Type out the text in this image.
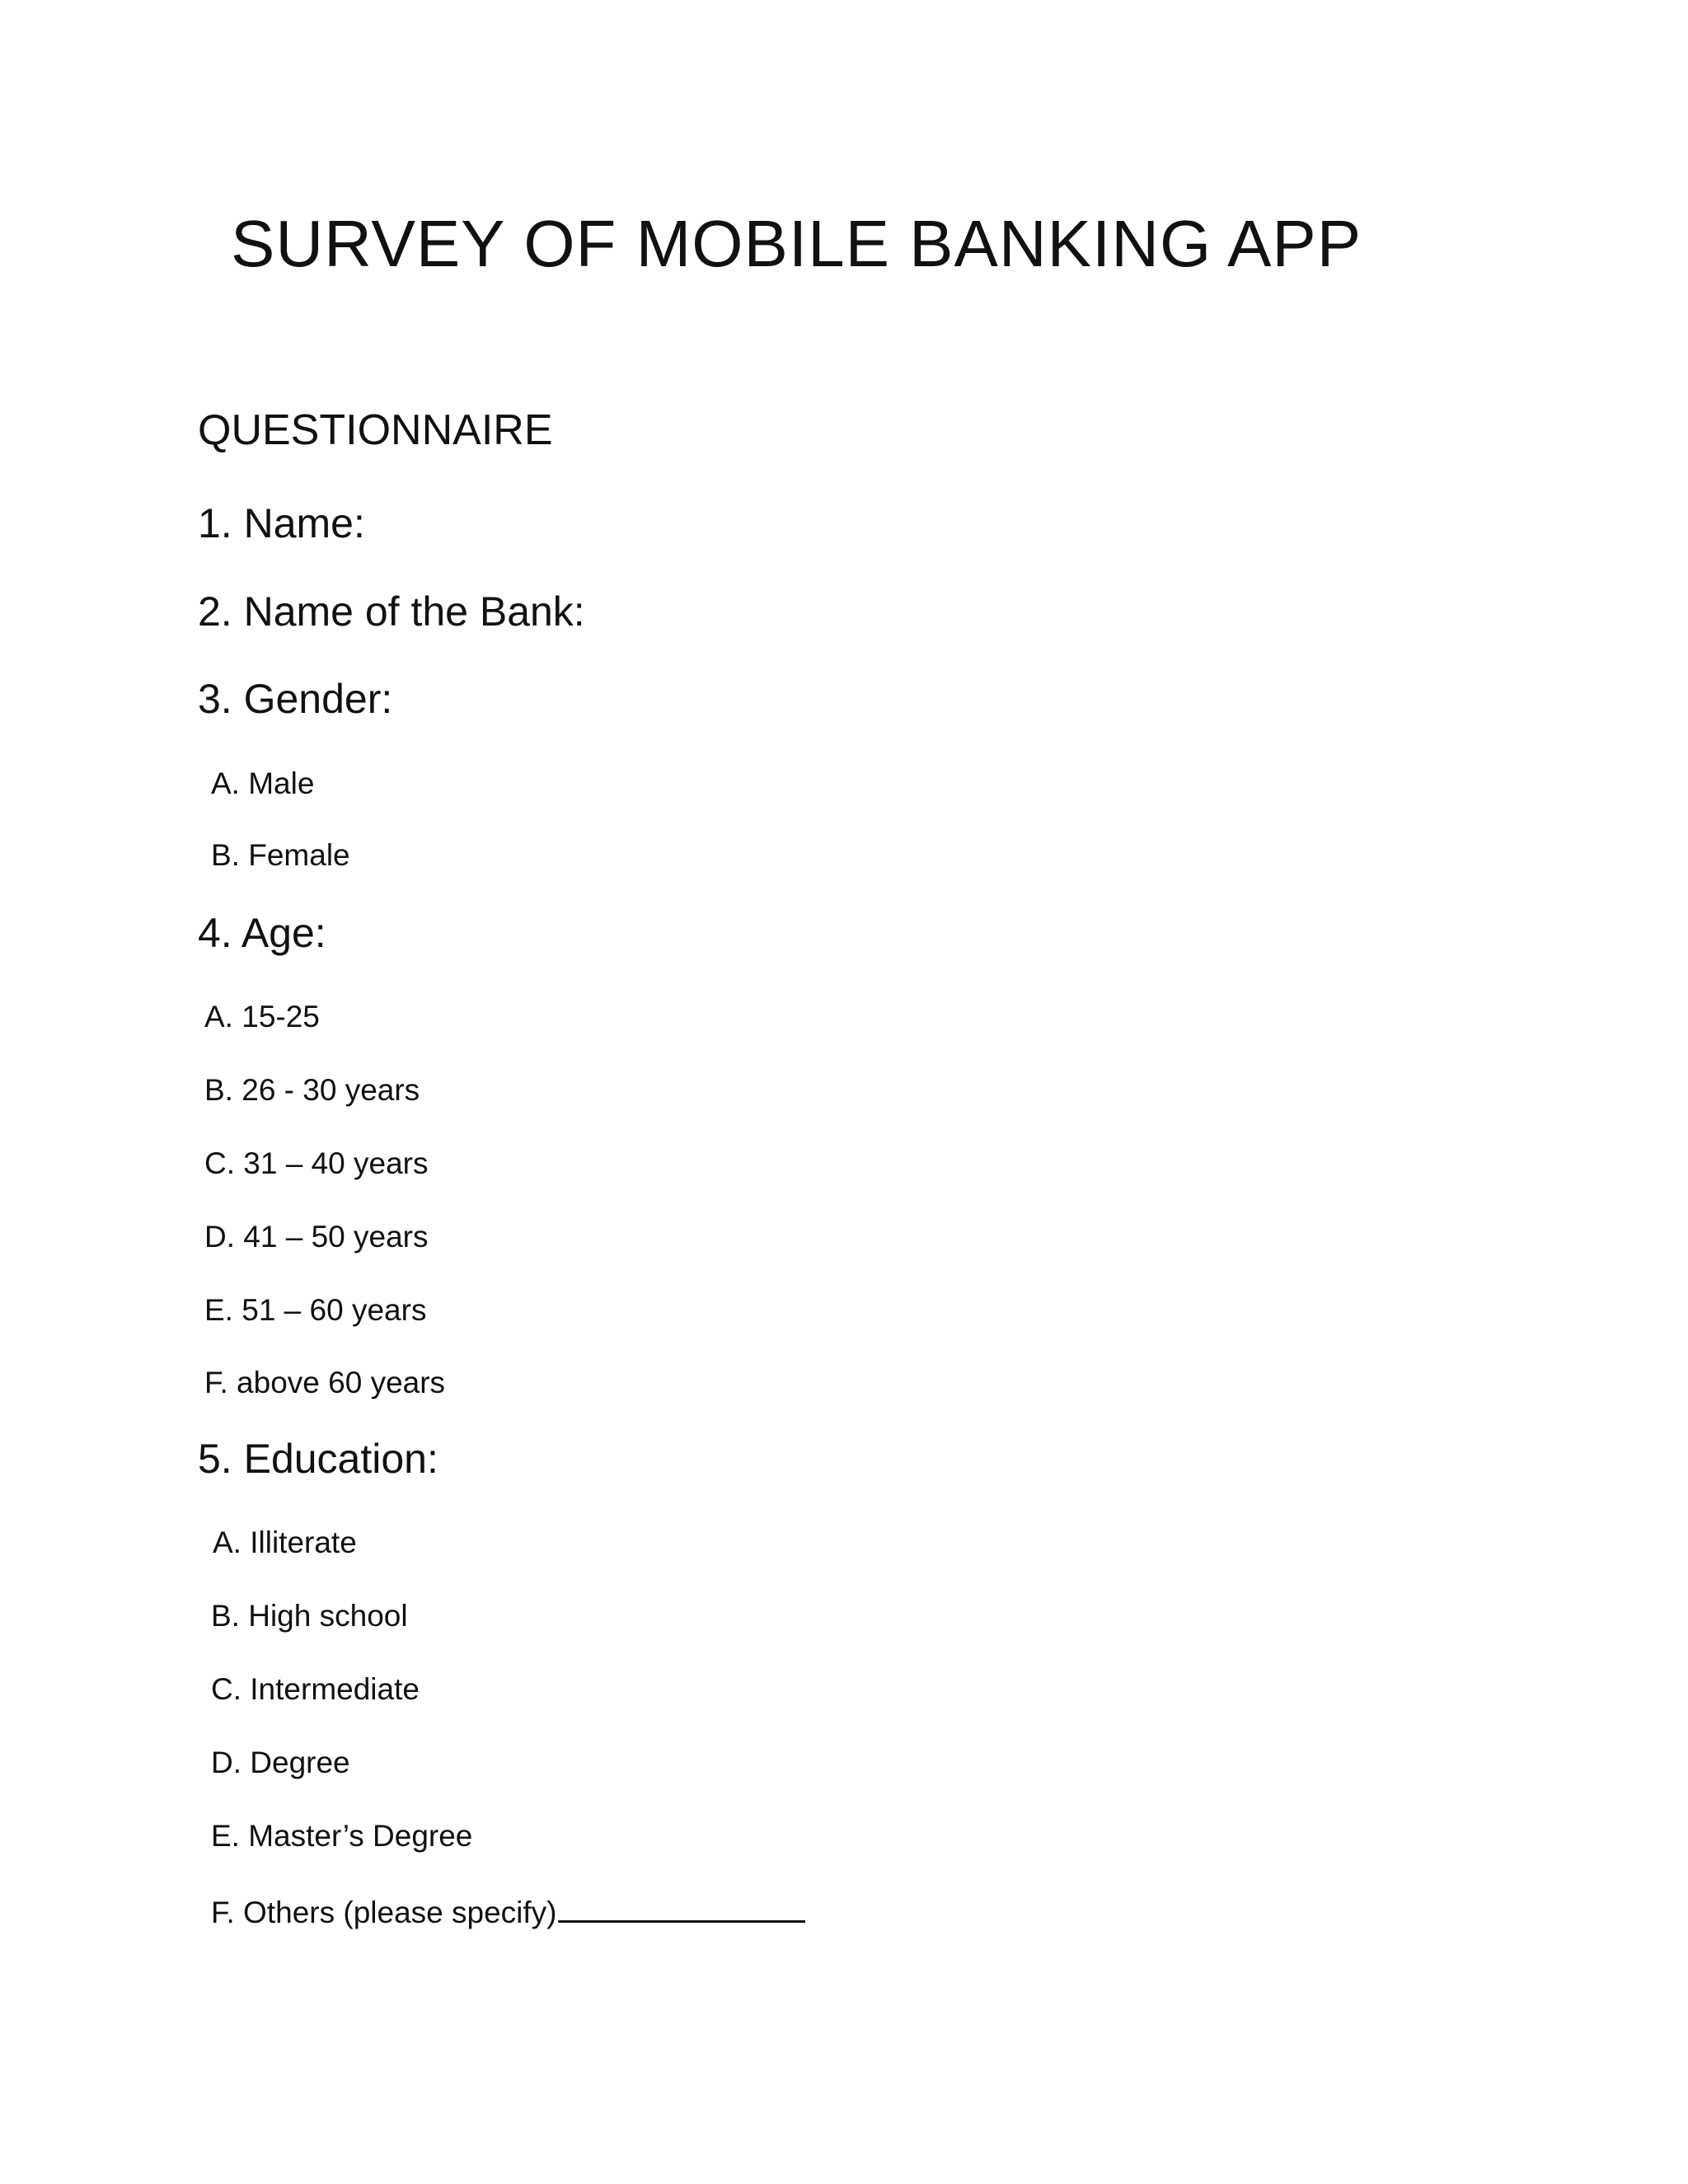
SURVEY OF MOBILE BANKING APP
QUESTIONNAIRE
1. Name:
2. Name of the Bank:
3. Gender:
A. Male
B. Female
4. Age:
A. 15-25
B. 26 - 30 years
C. 31 – 40 years
D. 41 – 50 years
E. 51 – 60 years
F. above 60 years
5. Education:
A. Illiterate
B. High school
C. Intermediate
D. Degree
E. Master’s Degree
F. Others (please specify)
